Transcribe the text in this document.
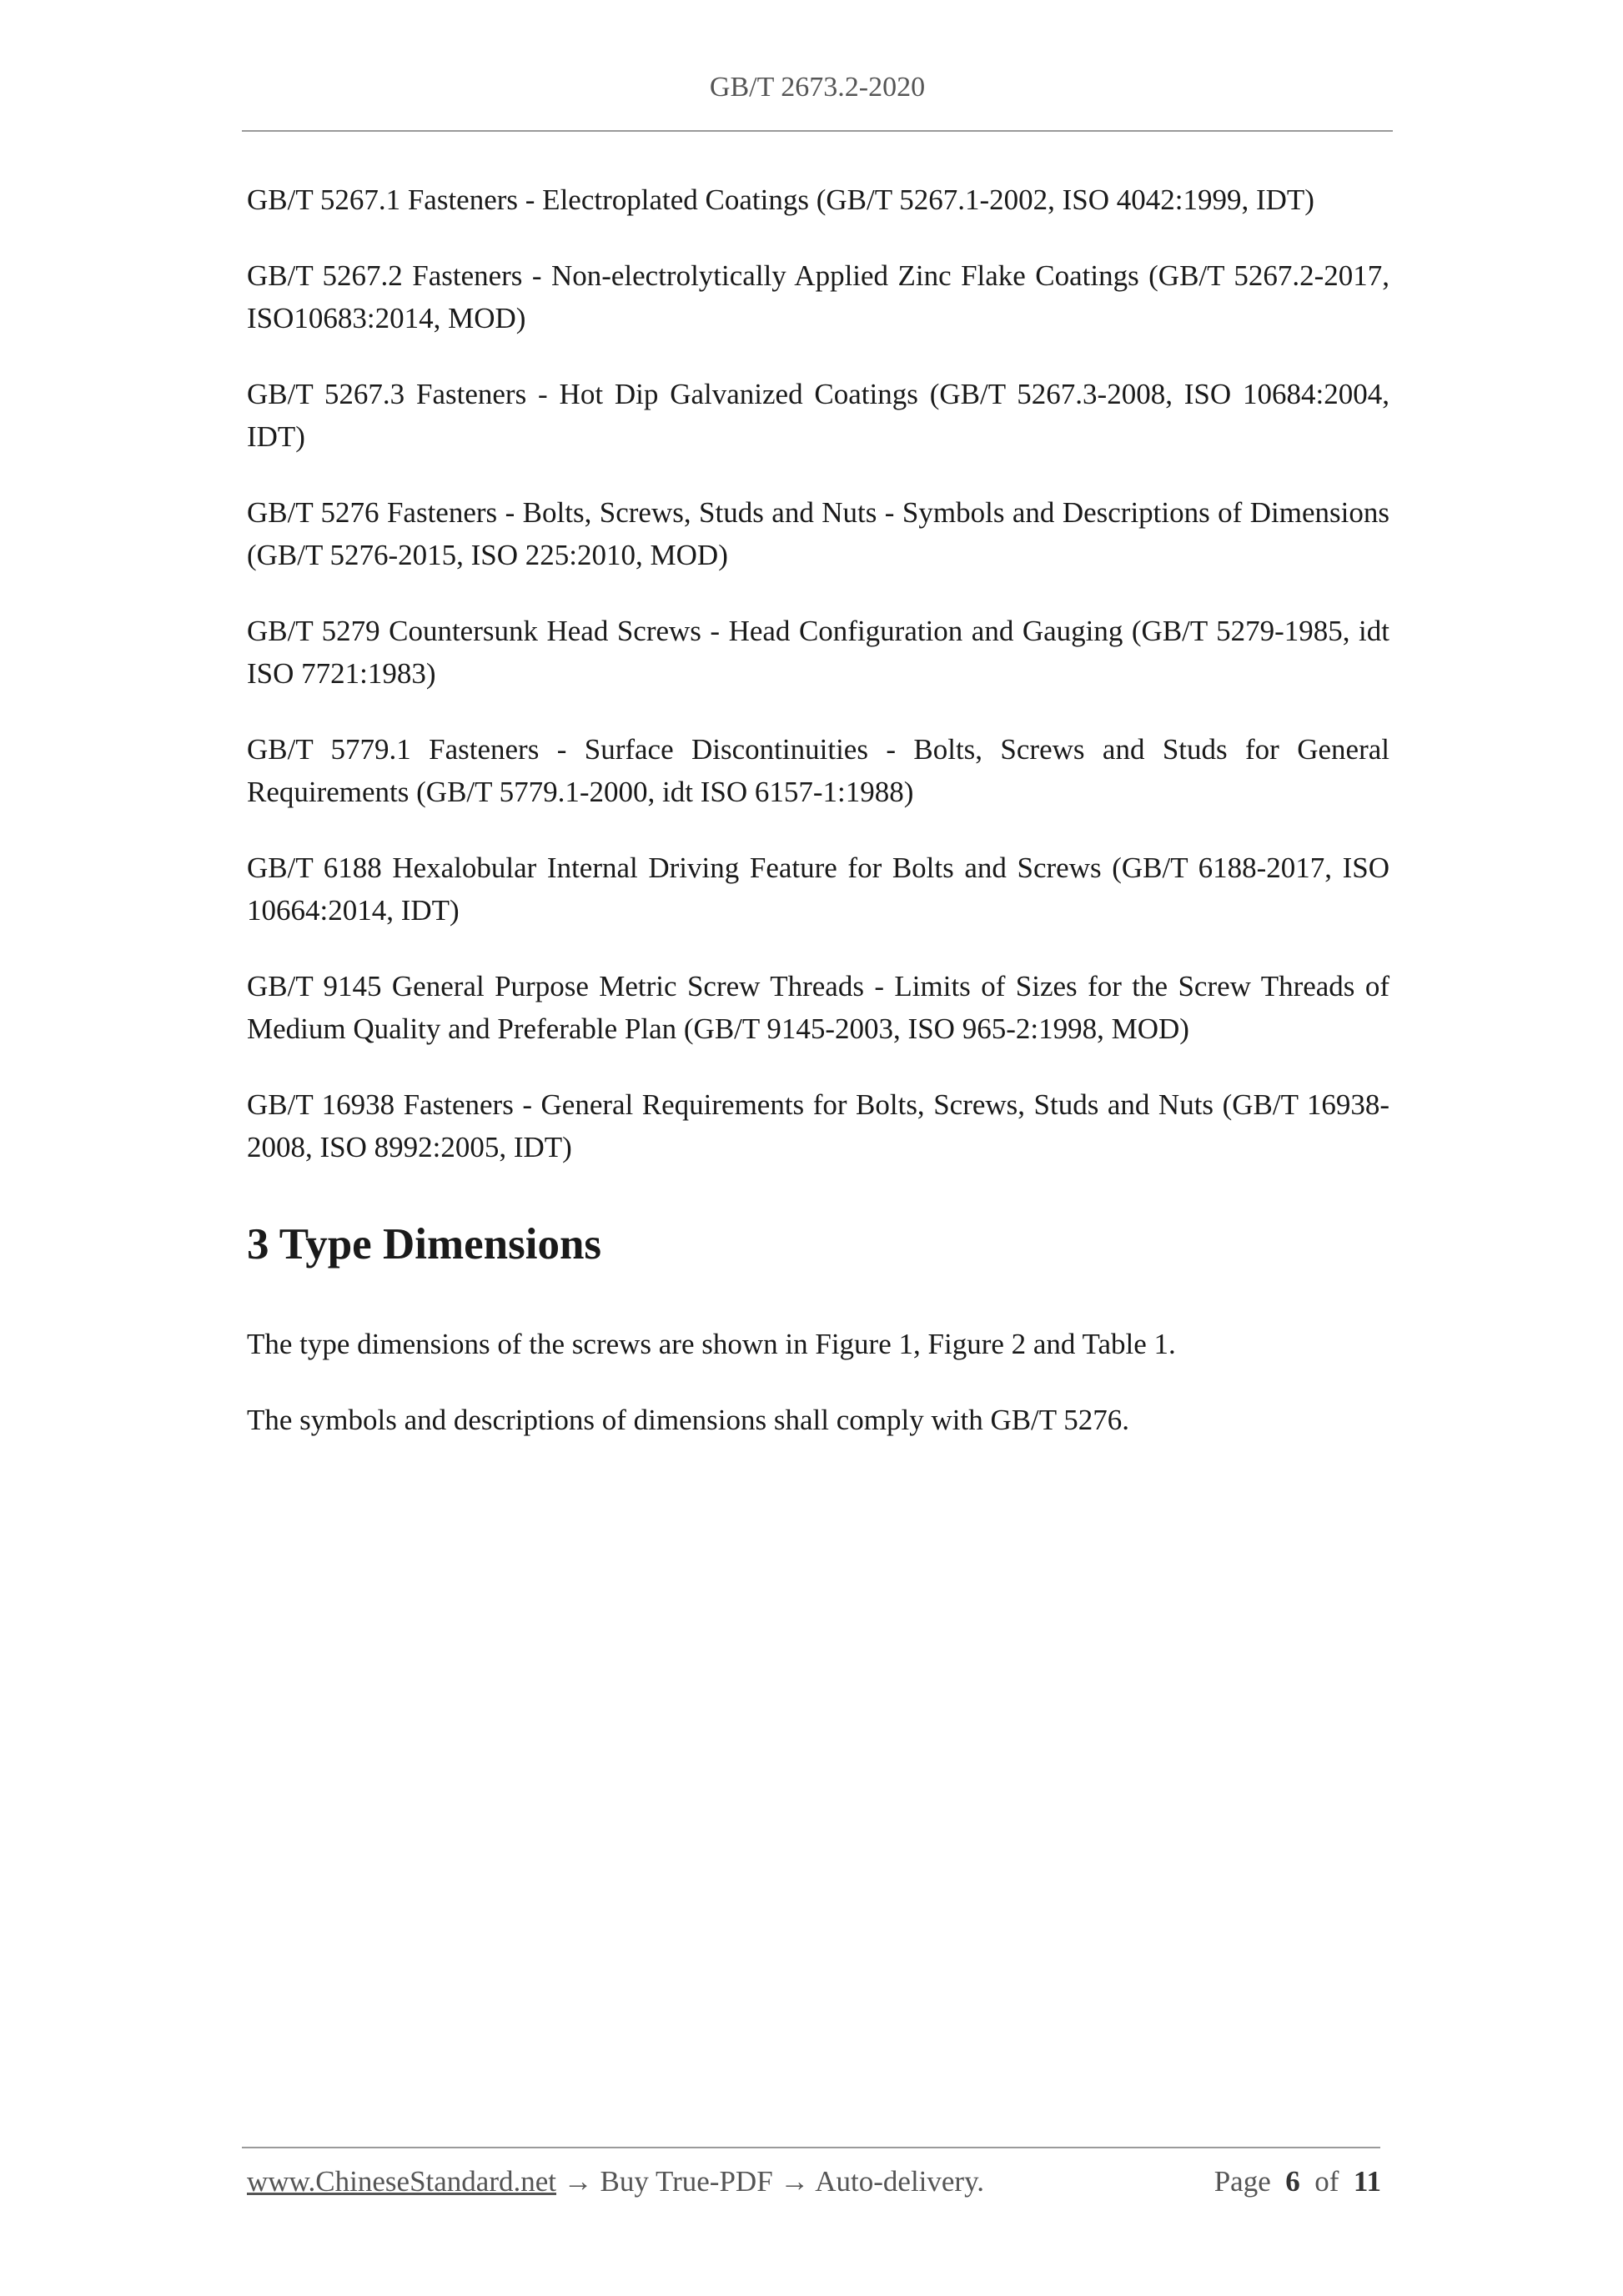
GB/T 2673.2-2020

GB/T 5267.1 Fasteners - Electroplated Coatings (GB/T 5267.1-2002, ISO 4042:1999, IDT)

GB/T 5267.2 Fasteners - Non-electrolytically Applied Zinc Flake Coatings (GB/T 5267.2-2017, ISO10683:2014, MOD)

GB/T 5267.3 Fasteners - Hot Dip Galvanized Coatings (GB/T 5267.3-2008, ISO 10684:2004, IDT)

GB/T 5276 Fasteners - Bolts, Screws, Studs and Nuts - Symbols and Descriptions of Dimensions (GB/T 5276-2015, ISO 225:2010, MOD)

GB/T 5279 Countersunk Head Screws - Head Configuration and Gauging (GB/T 5279-1985, idt ISO 7721:1983)

GB/T 5779.1 Fasteners - Surface Discontinuities - Bolts, Screws and Studs for General Requirements (GB/T 5779.1-2000, idt ISO 6157-1:1988)

GB/T 6188 Hexalobular Internal Driving Feature for Bolts and Screws (GB/T 6188-2017, ISO 10664:2014, IDT)

GB/T 9145 General Purpose Metric Screw Threads - Limits of Sizes for the Screw Threads of Medium Quality and Preferable Plan (GB/T 9145-2003, ISO 965-2:1998, MOD)

GB/T 16938 Fasteners - General Requirements for Bolts, Screws, Studs and Nuts (GB/T 16938-2008, ISO 8992:2005, IDT)

3 Type Dimensions

The type dimensions of the screws are shown in Figure 1, Figure 2 and Table 1.

The symbols and descriptions of dimensions shall comply with GB/T 5276.

www.ChineseStandard.net → Buy True-PDF → Auto-delivery.	Page 6 of 11
